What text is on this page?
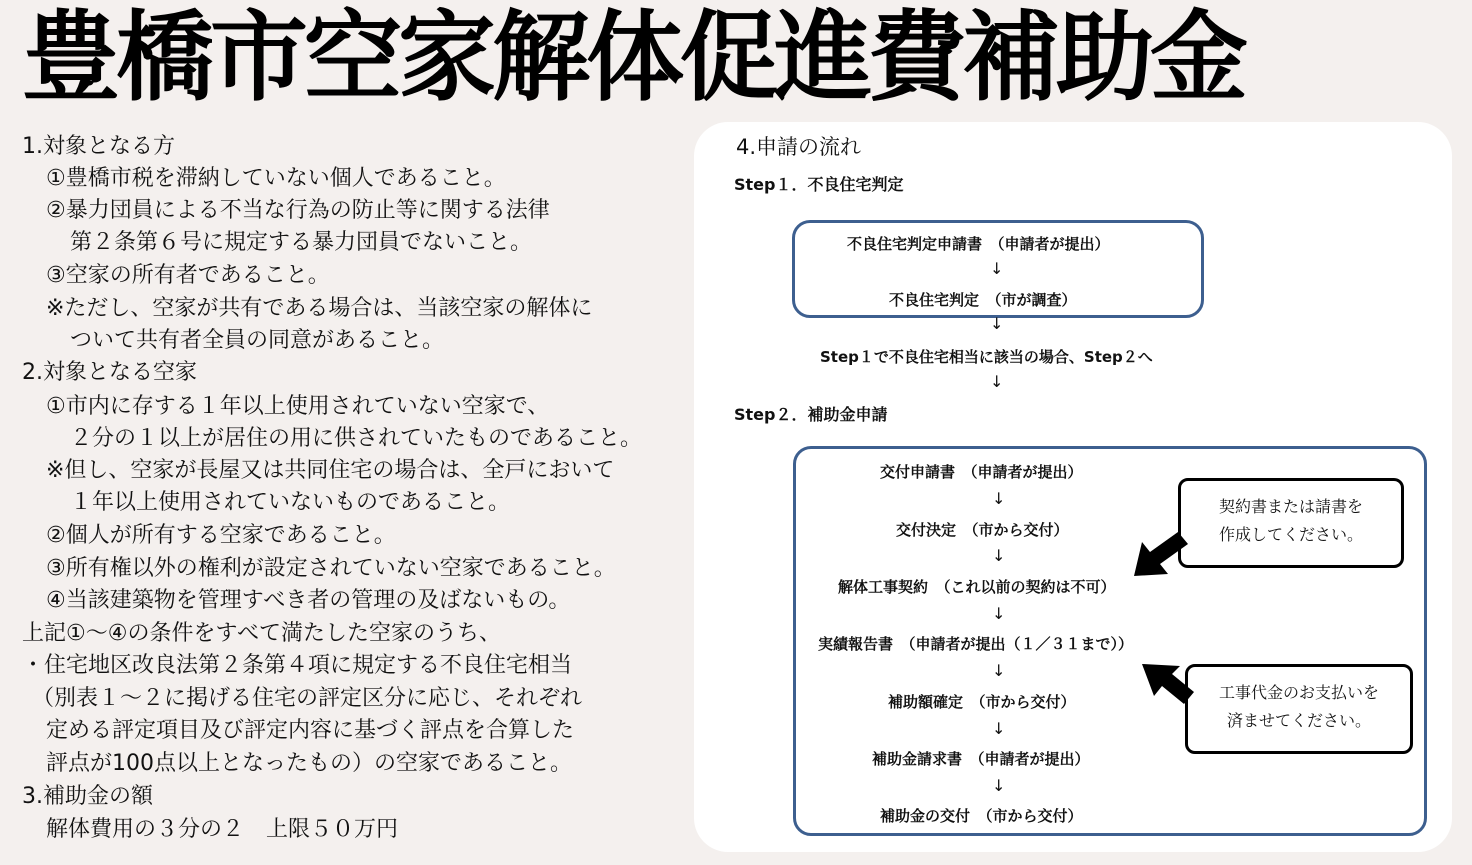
豊橋市空家解体促進費補助金
1.対象となる方
①豊橋市税を滞納していない個人であること。
②暴力団員による不当な行為の防止等に関する法律
第２条第６号に規定する暴力団員でないこと。
③空家の所有者であること。
※ただし、空家が共有である場合は、当該空家の解体に
ついて共有者全員の同意があること。
2.対象となる空家
①市内に存する１年以上使用されていない空家で、
２分の１以上が居住の用に供されていたものであること。
※但し、空家が長屋又は共同住宅の場合は、全戸において
１年以上使用されていないものであること。
②個人が所有する空家であること。
③所有権以外の権利が設定されていない空家であること。
④当該建築物を管理すべき者の管理の及ばないもの。
上記①～④の条件をすべて満たした空家のうち、
・住宅地区改良法第２条第４項に規定する不良住宅相当
（別表１～２に掲げる住宅の評定区分に応じ、それぞれ
定める評定項目及び評定内容に基づく評点を合算した
評点が100点以上となったもの）の空家であること。
3.補助金の額
解体費用の３分の２　上限５０万円
4.申請の流れ
Step１．不良住宅判定
不良住宅判定申請書　（申請者が提出）
↓
不良住宅判定　（市が調査）
↓
Step１で不良住宅相当に該当の場合、Step２へ
↓
Step２．補助金申請
交付申請書　（申請者が提出）
↓
交付決定　（市から交付）
↓
解体工事契約　（これ以前の契約は不可）
↓
実績報告書　（申請者が提出（１／３１まで））
↓
補助額確定　（市から交付）
↓
補助金請求書　（申請者が提出）
↓
補助金の交付　（市から交付）
契約書または請書を
作成してください。
工事代金のお支払いを
済ませてください。
